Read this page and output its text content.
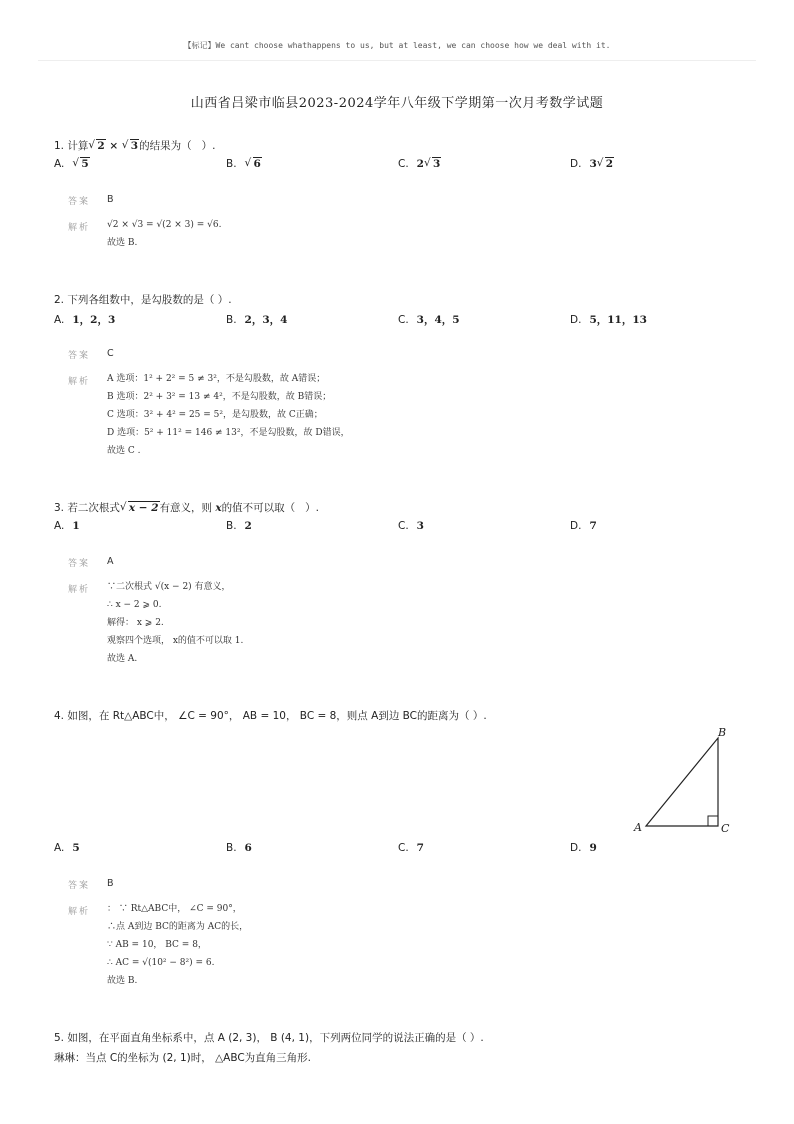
【标记】We cant choose whathappens to us, but at least, we can choose how we deal with it.
山西省吕梁市临县2023-2024学年八年级下学期第一次月考数学试题
1. 计算 √ 2 × √ 3的结果为（   ）.
A. √ 5	B. √ 6	C. 2 √ 3	D. 3 √ 2
答案 B
解析 √2 × √3 = √(2 × 3) = √6.
故选 B.
2. 下列各组数中，是勾股数的是（ ）.
A. 1，2，3	B. 2，3，4	C. 3，4，5	D. 5，11，13
答案 C
解析 A 选项：1² + 2² = 5 ≠ 3²，不是勾股数，故 A错误；
B 选项：2² + 3² = 13 ≠ 4²，不是勾股数，故 B错误；
C 选项：3² + 4² = 25 = 5²，是勾股数，故 C正确；
D 选项：5² + 11² = 146 ≠ 13²，不是勾股数，故 D错误，
故选 C .
3. 若二次根式 √ x − 2有意义，则 x的值不可以取（   ）.
A. 1	B. 2	C. 3	D. 7
答案 A
解析 ∵二次根式 √(x − 2) 有意义，
∴ x − 2 ⩾ 0.
解得： x ⩾ 2.
观察四个选项， x的值不可以取 1.
故选 A.
4. 如图，在 Rt△ABC中， ∠C = 90°， AB = 10， BC = 8，则点 A到边 BC的距离为（ ）.
A. 5	B. 6	C. 7	D. 9
答案 B
解析 ： ∵ Rt△ABC中， ∠C = 90°，
∴点 A到边 BC的距离为 AC的长，
∵ AB = 10， BC = 8，
∴ AC = √(10² − 8²) = 6.
故选 B.
A
B
C
5. 如图，在平面直角坐标系中，点 A (2, 3)， B (4, 1)，下列两位同学的说法正确的是（ ）.
琳琳：当点 C的坐标为 (2, 1)时， △ABC为直角三角形.
